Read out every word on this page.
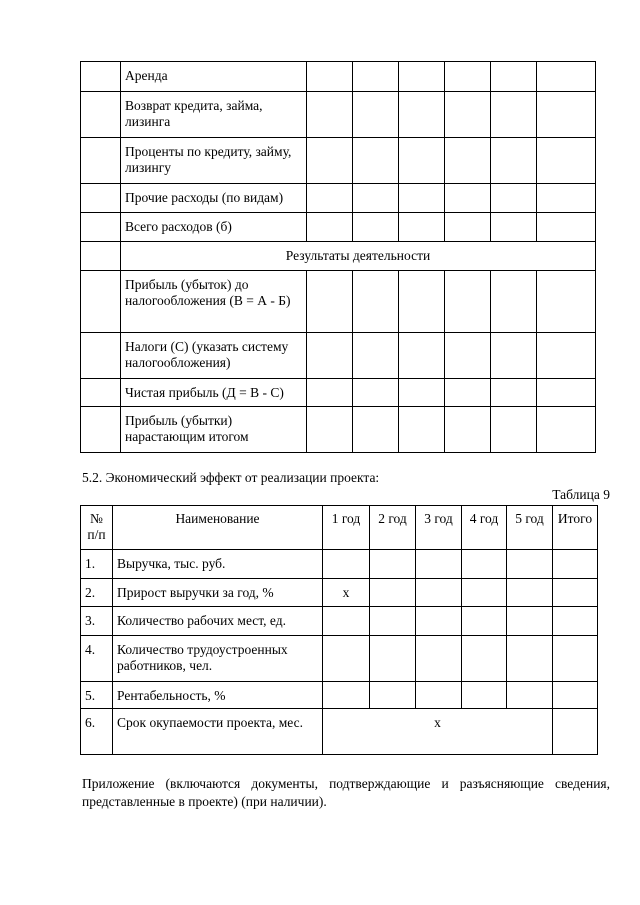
	Аренда						

	Возврат кредита, займа, лизинга						

	Проценты по кредиту, займу, лизингу						

	Прочие расходы (по видам)						

	Всего расходов (б)						

	Результаты деятельности						

	Прибыль (убыток) до налогообложения (В = А - Б)						

	Налоги (С) (указать систему налогообложения)						

	Чистая прибыль (Д = В - С)						

	Прибыль (убытки) нарастающим итогом						

5.2. Экономический эффект от реализации проекта:
Таблица 9
№ п/п	Наименование	1 год	2 год	3 год	4 год	5 год	Итого
1.	Выручка, тыс. руб.						
2.	Прирост выручки за год, %	х					
3.	Количество рабочих мест, ед.						
4.	Количество трудоустроенных работников, чел.						
5.	Рентабельность, %						
6.	Срок окупаемости проекта, мес.	х					
Приложение (включаются документы, подтверждающие и разъясняющие сведения, представленные в проекте) (при наличии).
